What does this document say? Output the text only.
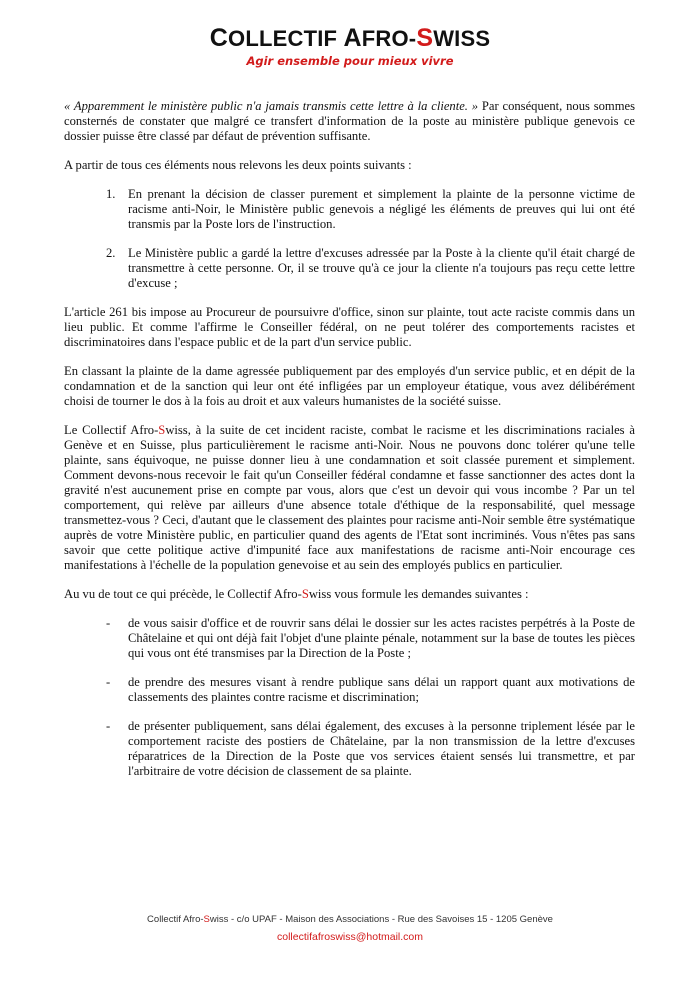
COLLECTIF AFRO-SWISS
Agir ensemble pour mieux vivre

« Apparemment le ministère public n'a jamais transmis cette lettre à la cliente. » Par conséquent, nous sommes consternés de constater que malgré ce transfert d'information de la poste au ministère publique genevois ce dossier puisse être classé par défaut de prévention suffisante.

A partir de tous ces éléments nous relevons les deux points suivants :

1. En prenant la décision de classer purement et simplement la plainte de la personne victime de racisme anti-Noir, le Ministère public genevois a négligé les éléments de preuves qui lui ont été transmis par la Poste lors de l'instruction.
2. Le Ministère public a gardé la lettre d'excuses adressée par la Poste à la cliente qu'il était chargé de transmettre à cette personne. Or, il se trouve qu'à ce jour la cliente n'a toujours pas reçu cette lettre d'excuse ;

L'article 261 bis impose au Procureur de poursuivre d'office, sinon sur plainte, tout acte raciste commis dans un lieu public. Et comme l'affirme le Conseiller fédéral, on ne peut tolérer des comportements racistes et discriminatoires dans l'espace public et de la part d'un service public.

En classant la plainte de la dame agressée publiquement par des employés d'un service public, et en dépit de la condamnation et de la sanction qui leur ont été infligées par un employeur étatique, vous avez délibérément choisi de tourner le dos à la fois au droit et aux valeurs humanistes de la société suisse.

Le Collectif Afro-Swiss, à la suite de cet incident raciste, combat le racisme et les discriminations raciales à Genève et en Suisse, plus particulièrement le racisme anti-Noir. Nous ne pouvons donc tolérer qu'une telle plainte, sans équivoque, ne puisse donner lieu à une condamnation et soit classée purement et simplement. Comment devons-nous recevoir le fait qu'un Conseiller fédéral condamne et fasse sanctionner des actes dont la gravité n'est aucunement prise en compte par vous, alors que c'est un devoir qui vous incombe ? Par un tel comportement, qui relève par ailleurs d'une absence totale d'éthique de la responsabilité, quel message transmettez-vous ? Ceci, d'autant que le classement des plaintes pour racisme anti-Noir semble être systématique auprès de votre Ministère public, en particulier quand des agents de l'Etat sont incriminés. Vous n'êtes pas sans savoir que cette politique active d'impunité face aux manifestations de racisme anti-Noir encourage ces manifestations à l'échelle de la population genevoise et au sein des employés publics en particulier.

Au vu de tout ce qui précède, le Collectif Afro-Swiss vous formule les demandes suivantes :

- de vous saisir d'office et de rouvrir sans délai le dossier sur les actes racistes perpétrés à la Poste de Châtelaine et qui ont déjà fait l'objet d'une plainte pénale, notamment sur la base de toutes les pièces qui vous ont été transmises par la Direction de la Poste ;
- de prendre des mesures visant à rendre publique sans délai un rapport quant aux motivations de classements des plaintes contre racisme et discrimination;
- de présenter publiquement, sans délai également, des excuses à la personne triplement lésée par le comportement raciste des postiers de Châtelaine, par la non transmission de la lettre d'excuses réparatrices de la Direction de la Poste que vos services étaient sensés lui transmettre, et par l'arbitraire de votre décision de classement de sa plainte.
Collectif Afro-Swiss - c/o UPAF - Maison des Associations - Rue des Savoises 15 - 1205 Genève
collectifafroswiss@hotmail.com
